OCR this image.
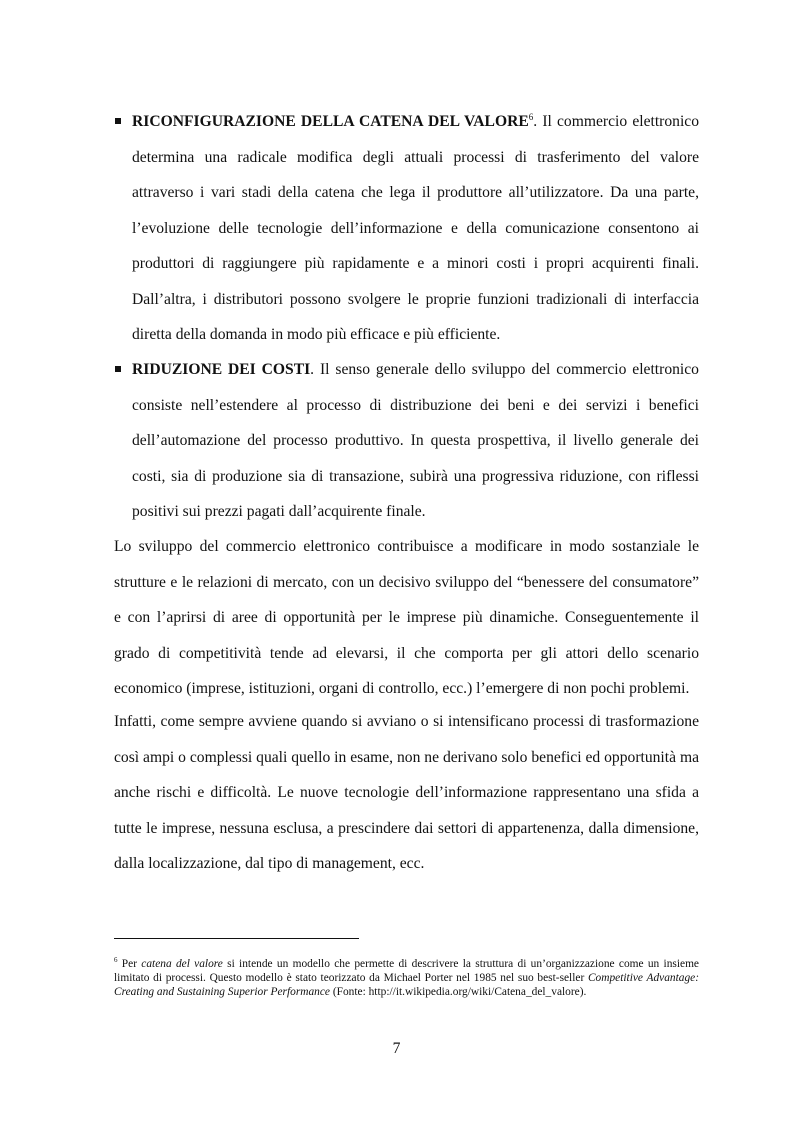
RICONFIGURAZIONE DELLA CATENA DEL VALORE$^6$. Il commercio elettronico determina una radicale modifica degli attuali processi di trasferimento del valore attraverso i vari stadi della catena che lega il produttore all’utilizzatore. Da una parte, l’evoluzione delle tecnologie dell’informazione e della comunicazione consentono ai produttori di raggiungere più rapidamente e a minori costi i propri acquirenti finali. Dall’altra, i distributori possono svolgere le proprie funzioni tradizionali di interfaccia diretta della domanda in modo più efficace e più efficiente.
RIDUZIONE DEI COSTI. Il senso generale dello sviluppo del commercio elettronico consiste nell’estendere al processo di distribuzione dei beni e dei servizi i benefici dell’automazione del processo produttivo. In questa prospettiva, il livello generale dei costi, sia di produzione sia di transazione, subirà una progressiva riduzione, con riflessi positivi sui prezzi pagati dall’acquirente finale.
Lo sviluppo del commercio elettronico contribuisce a modificare in modo sostanziale le strutture e le relazioni di mercato, con un decisivo sviluppo del “benessere del consumatore” e con l’aprirsi di aree di opportunità per le imprese più dinamiche. Conseguentemente il grado di competitività tende ad elevarsi, il che comporta per gli attori dello scenario economico (imprese, istituzioni, organi di controllo, ecc.) l’emergere di non pochi problemi.
Infatti, come sempre avviene quando si avviano o si intensificano processi di trasformazione così ampi o complessi quali quello in esame, non ne derivano solo benefici ed opportunità ma anche rischi e difficoltà. Le nuove tecnologie dell’informazione rappresentano una sfida a tutte le imprese, nessuna esclusa, a prescindere dai settori di appartenenza, dalla dimensione, dalla localizzazione, dal tipo di management, ecc.
$^6$ Per catena del valore si intende un modello che permette di descrivere la struttura di un’organizzazione come un insieme limitato di processi. Questo modello è stato teorizzato da Michael Porter nel 1985 nel suo best-seller Competitive Advantage: Creating and Sustaining Superior Performance (Fonte: http://it.wikipedia.org/wiki/Catena_del_valore).
7
